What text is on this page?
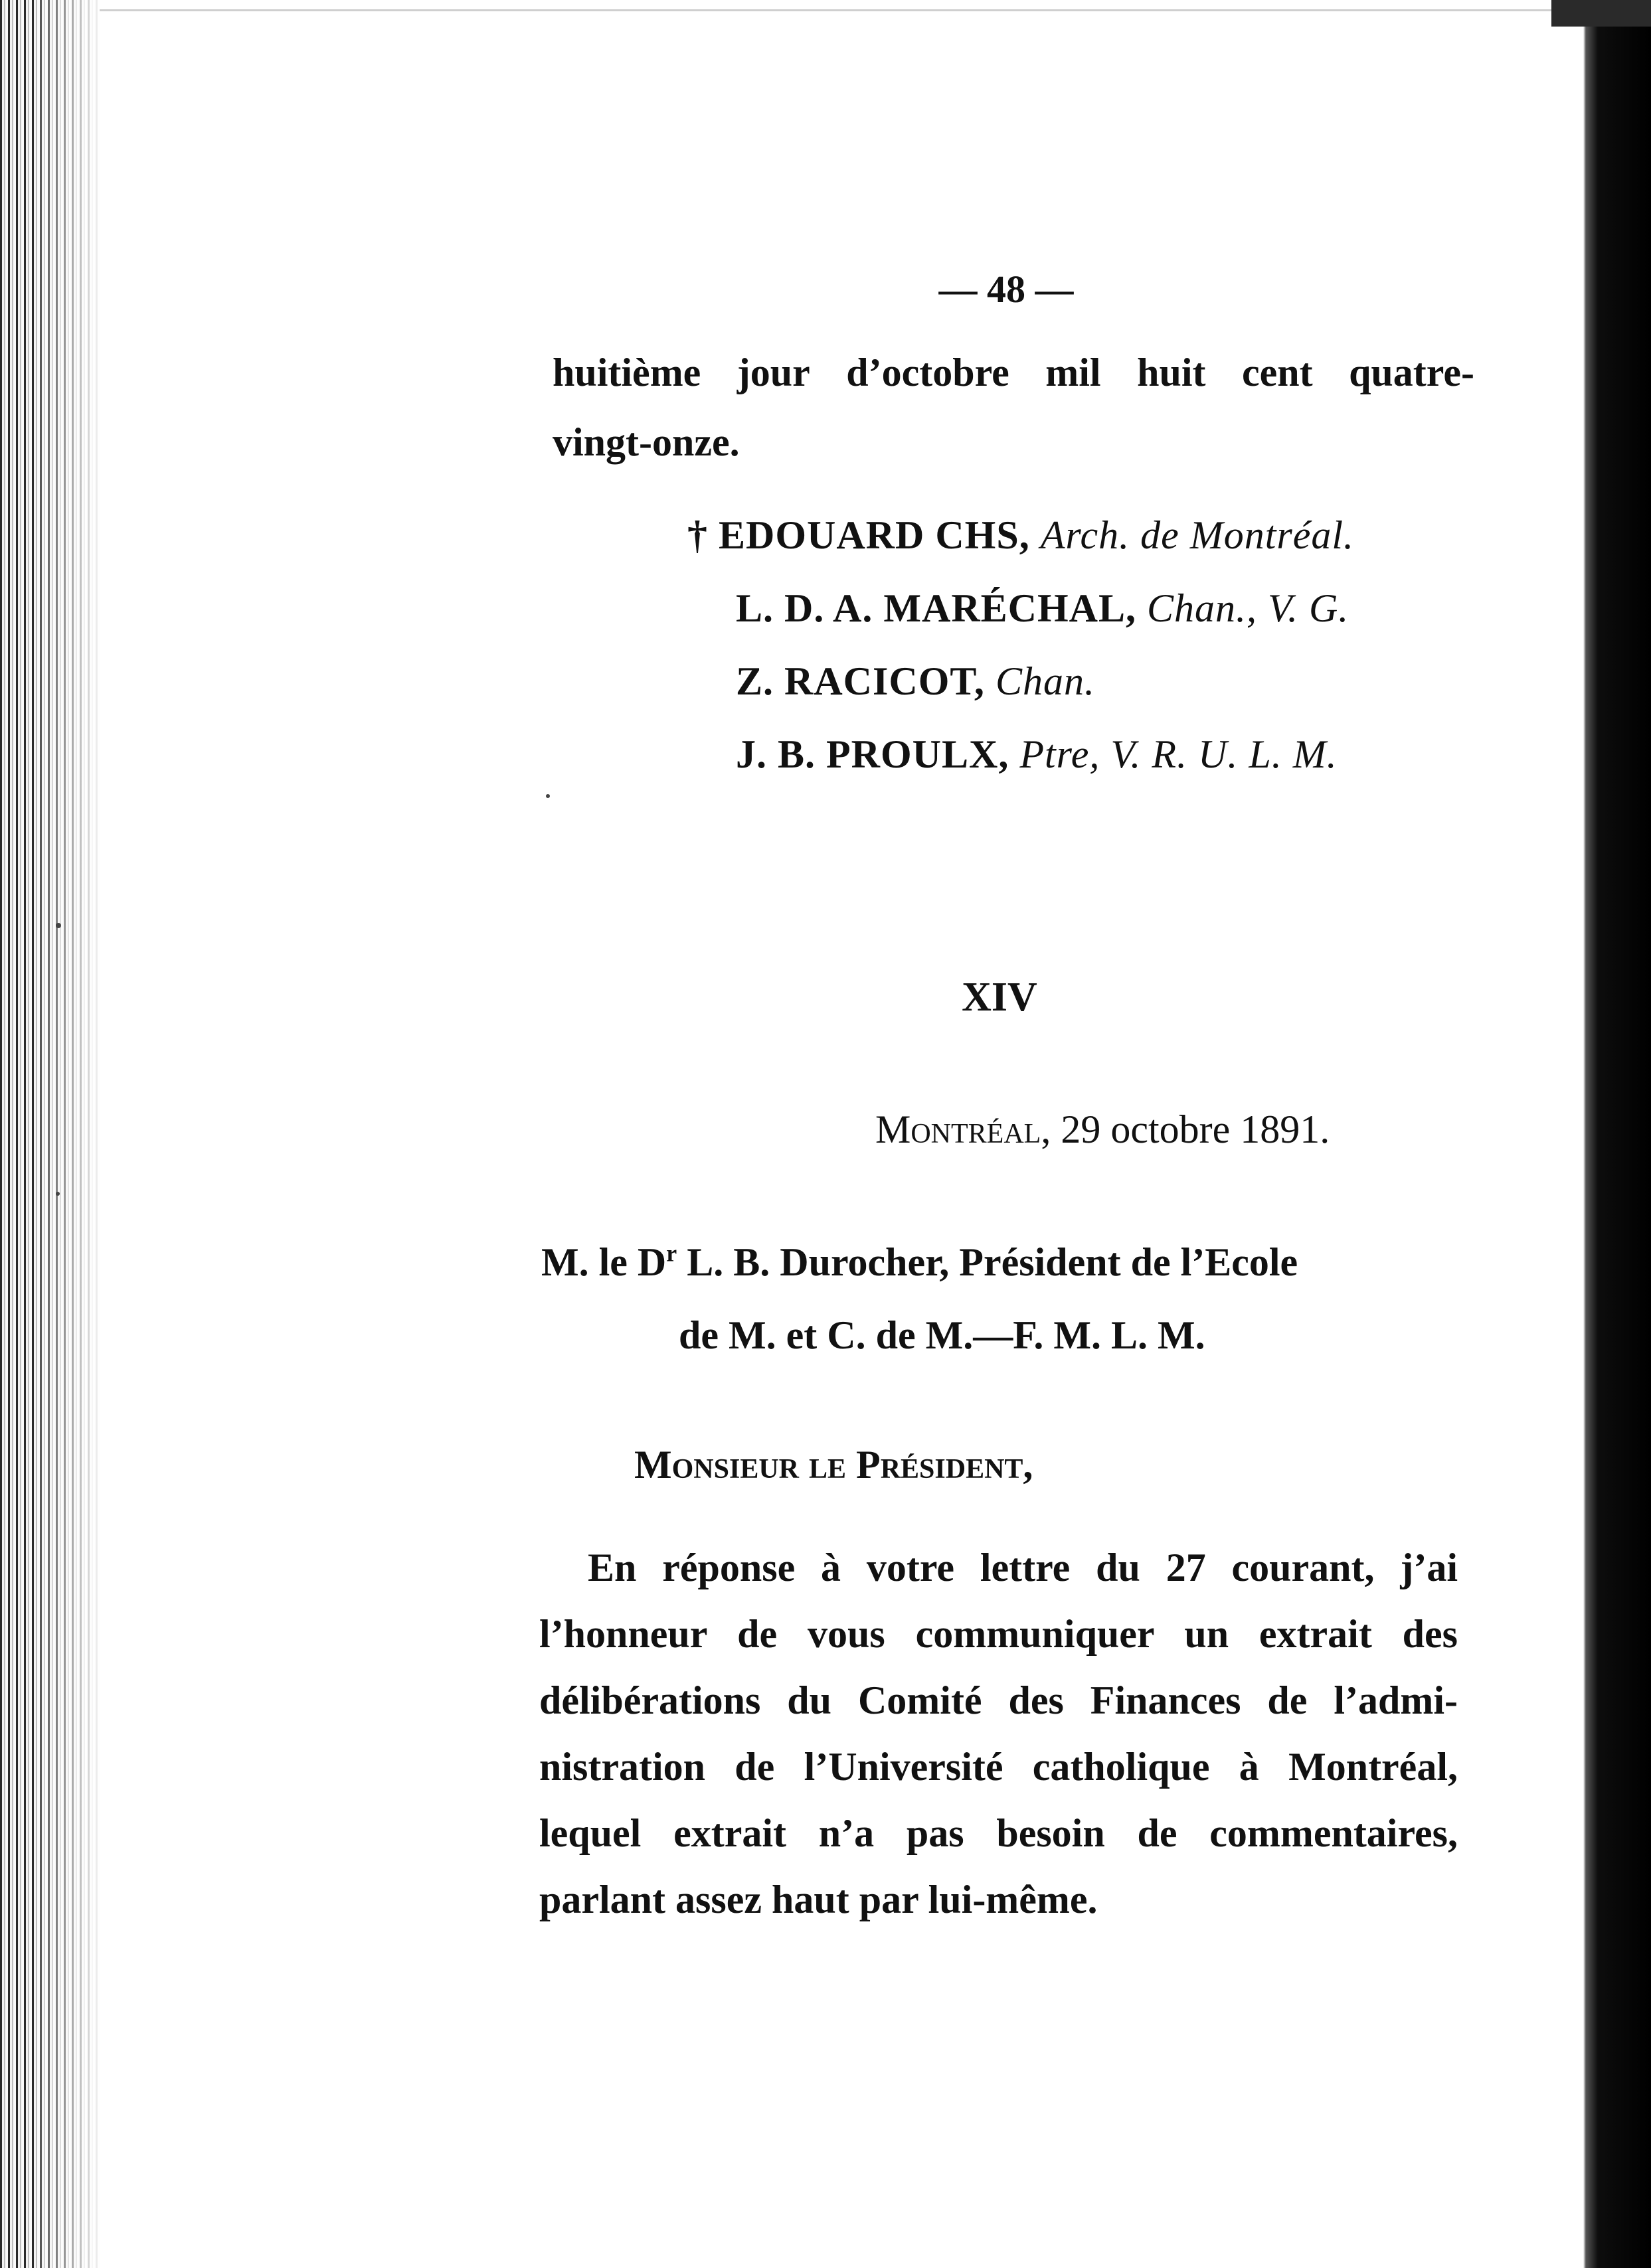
— 48 —
huitième jour d’octobre mil huit cent quatre-
vingt-onze.
† EDOUARD CHS, Arch. de Montréal.
L. D. A. MARÉCHAL, Chan., V. G.
Z. RACICOT, Chan.
J. B. PROULX, Ptre, V. R. U. L. M.
XIV
Montréal, 29 octobre 1891.
M. le $D^r$ L. B. Durocher, Président de l’Ecole
de M. et C. de M.—F. M. L. M.
Monsieur le Président,
En réponse à votre lettre du 27 courant, j’ai
l’honneur de vous communiquer un extrait des
délibérations du Comité des Finances de l’admi-
nistration de l’Université catholique à Montréal,
lequel extrait n’a pas besoin de commentaires,
parlant assez haut par lui-même.
